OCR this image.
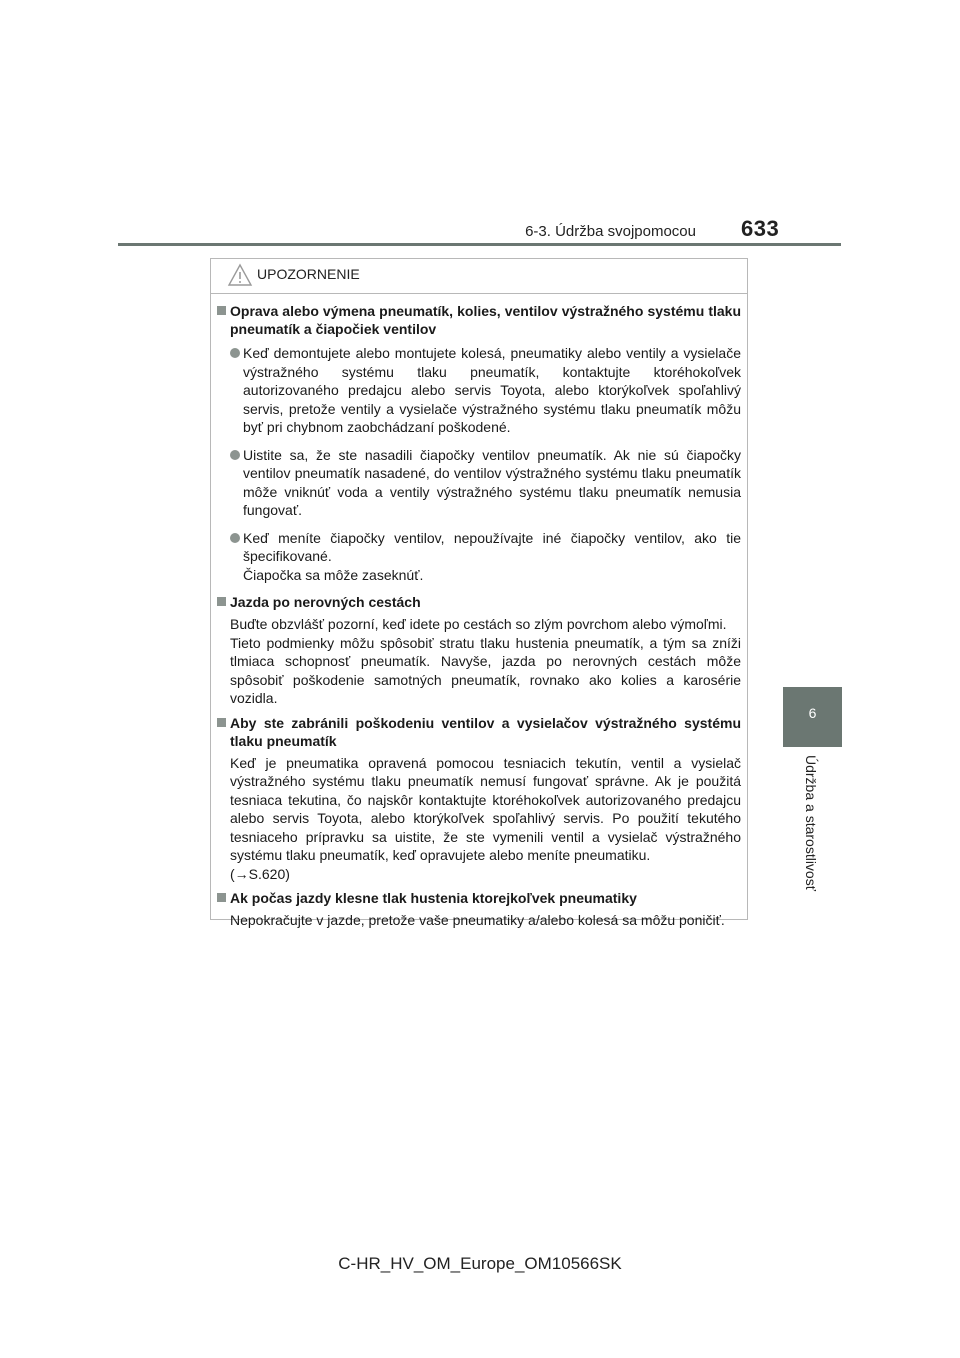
6-3. Údržba svojpomocou 633
6
Údržba a starostlivosť
UPOZORNENIE
Oprava alebo výmena pneumatík, kolies, ventilov výstražného systému tlaku pneumatík a čiapočiek ventilov
Keď demontujete alebo montujete kolesá, pneumatiky alebo ventily a vysielače výstražného systému tlaku pneumatík, kontaktujte ktoréhokoľvek autorizovaného predajcu alebo servis Toyota, alebo ktorýkoľvek spoľahlivý servis, pretože ventily a vysielače výstražného systému tlaku pneumatík môžu byť pri chybnom zaobchádzaní poškodené.
Uistite sa, že ste nasadili čiapočky ventilov pneumatík. Ak nie sú čiapočky ventilov pneumatík nasadené, do ventilov výstražného systému tlaku pneumatík môže vniknúť voda a ventily výstražného systému tlaku pneumatík nemusia fungovať.
Keď meníte čiapočky ventilov, nepoužívajte iné čiapočky ventilov, ako tie špecifikované.
Čiapočka sa môže zaseknúť.
Jazda po nerovných cestách
Buďte obzvlášť pozorní, keď idete po cestách so zlým povrchom alebo výmoľmi.
Tieto podmienky môžu spôsobiť stratu tlaku hustenia pneumatík, a tým sa zníži tlmiaca schopnosť pneumatík. Navyše, jazda po nerovných cestách môže spôsobiť poškodenie samotných pneumatík, rovnako ako kolies a karosérie vozidla.
Aby ste zabránili poškodeniu ventilov a vysielačov výstražného systému tlaku pneumatík
Keď je pneumatika opravená pomocou tesniacich tekutín, ventil a vysielač výstražného systému tlaku pneumatík nemusí fungovať správne. Ak je použitá tesniaca tekutina, čo najskôr kontaktujte ktoréhokoľvek autorizovaného predajcu alebo servis Toyota, alebo ktorýkoľvek spoľahlivý servis. Po použití tekutého tesniaceho prípravku sa uistite, že ste vymenili ventil a vysielač výstražného systému tlaku pneumatík, keď opravujete alebo meníte pneumatiku.
(→S.620)
Ak počas jazdy klesne tlak hustenia ktorejkoľvek pneumatiky
Nepokračujte v jazde, pretože vaše pneumatiky a/alebo kolesá sa môžu poničiť.
C-HR_HV_OM_Europe_OM10566SK
